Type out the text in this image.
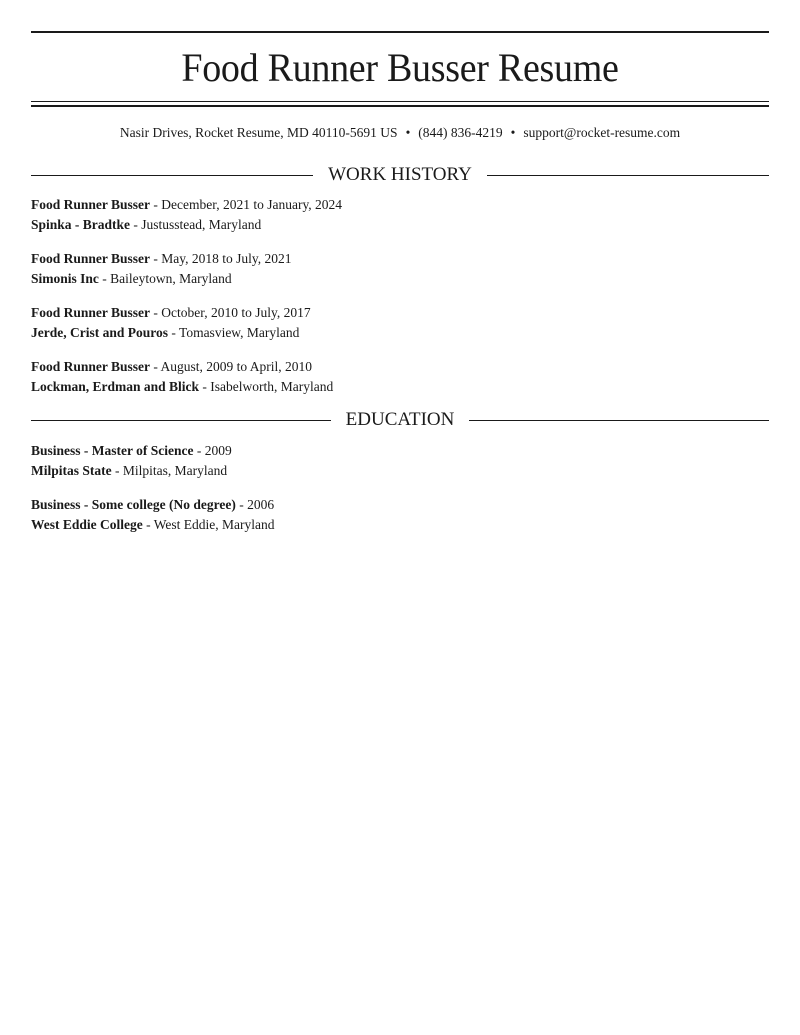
Food Runner Busser Resume
Nasir Drives, Rocket Resume, MD 40110-5691 US • (844) 836-4219 • support@rocket-resume.com
WORK HISTORY
Food Runner Busser - December, 2021 to January, 2024
Spinka - Bradtke - Justusstead, Maryland
Food Runner Busser - May, 2018 to July, 2021
Simonis Inc - Baileytown, Maryland
Food Runner Busser - October, 2010 to July, 2017
Jerde, Crist and Pouros - Tomasview, Maryland
Food Runner Busser - August, 2009 to April, 2010
Lockman, Erdman and Blick - Isabelworth, Maryland
EDUCATION
Business - Master of Science - 2009
Milpitas State - Milpitas, Maryland
Business - Some college (No degree) - 2006
West Eddie College - West Eddie, Maryland
